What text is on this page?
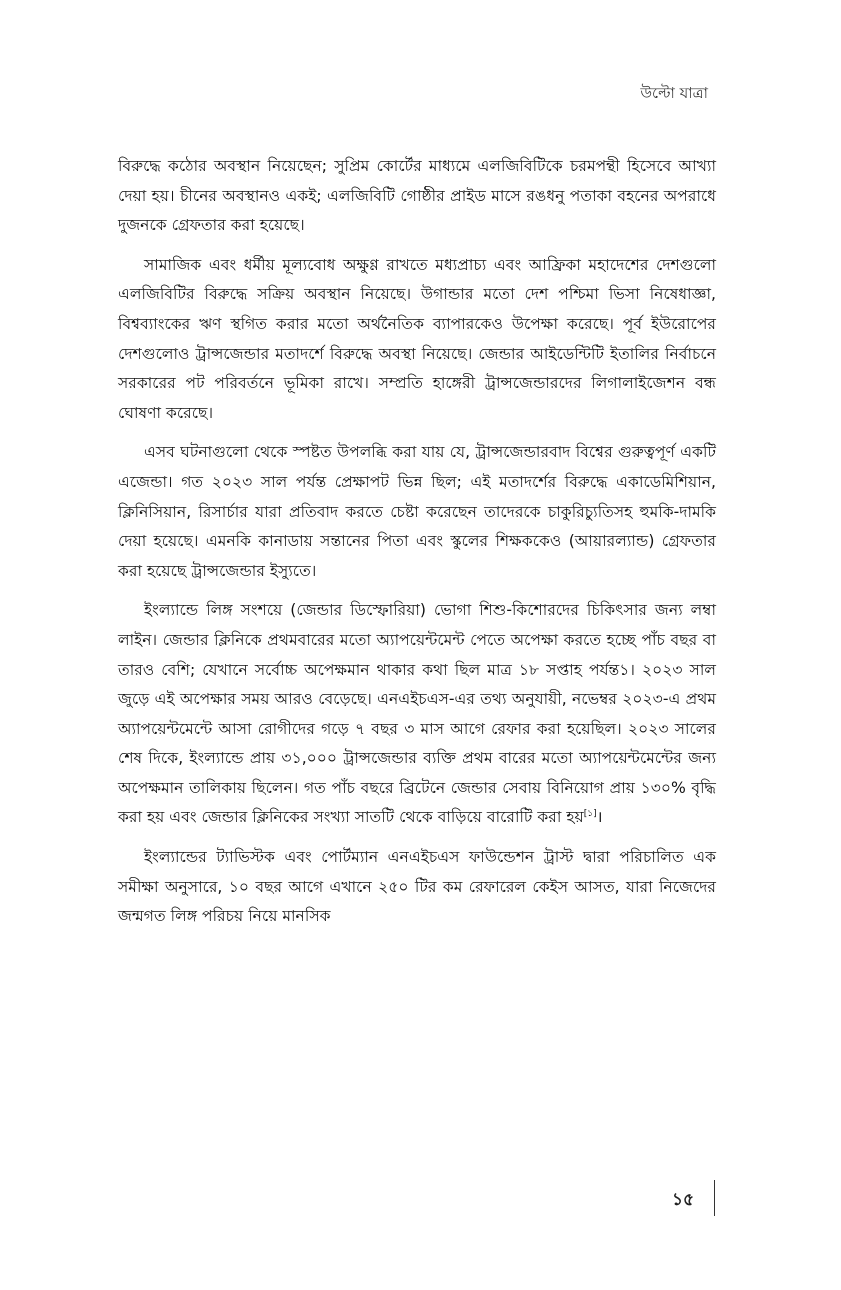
উল্টো যাত্রা

বিরুদ্ধে কঠোর অবস্থান নিয়েছেন; সুপ্রিম কোর্টের মাধ্যমে এলজিবিটিকে চরমপন্থী হিসেবে আখ্যা দেয়া হয়। চীনের অবস্থানও একই; এলজিবিটি গোষ্ঠীর প্রাইড মাসে রঙধনু পতাকা বহনের অপরাধে দুজনকে গ্রেফতার করা হয়েছে।

সামাজিক এবং ধর্মীয় মূল্যবোধ অক্ষুণ্ণ রাখতে মধ্যপ্রাচ্য এবং আফ্রিকা মহাদেশের দেশগুলো এলজিবিটির বিরুদ্ধে সক্রিয় অবস্থান নিয়েছে। উগান্ডার মতো দেশ পশ্চিমা ভিসা নিষেধাজ্ঞা, বিশ্বব্যাংকের ঋণ স্থগিত করার মতো অর্থনৈতিক ব্যাপারকেও উপেক্ষা করেছে। পূর্ব ইউরোপের দেশগুলোও ট্রান্সজেন্ডার মতাদর্শে বিরুদ্ধে অবস্থা নিয়েছে। জেন্ডার আইডেন্টিটি ইতালির নির্বাচনে সরকারের পট পরিবর্তনে ভূমিকা রাখে। সম্প্রতি হাঙ্গেরী ট্রান্সজেন্ডারদের লিগালাইজেশন বন্ধ ঘোষণা করেছে।

এসব ঘটনাগুলো থেকে স্পষ্টত উপলব্ধি করা যায় যে, ট্রান্সজেন্ডারবাদ বিশ্বের গুরুত্বপূর্ণ একটি এজেন্ডা। গত ২০২৩ সাল পর্যন্ত প্রেক্ষাপট ভিন্ন ছিল; এই মতাদর্শের বিরুদ্ধে একাডেমিশিয়ান, ক্লিনিসিয়ান, রিসার্চার যারা প্রতিবাদ করতে চেষ্টা করেছেন তাদেরকে চাকুরিচ্যুতিসহ হুমকি-দামকি দেয়া হয়েছে। এমনকি কানাডায় সন্তানের পিতা এবং স্কুলের শিক্ষককেও (আয়ারল্যান্ড) গ্রেফতার করা হয়েছে ট্রান্সজেন্ডার ইস্যুতে।

ইংল্যান্ডে লিঙ্গ সংশয়ে (জেন্ডার ডিস্ফোরিয়া) ভোগা শিশু-কিশোরদের চিকিৎসার জন্য লম্বা লাইন। জেন্ডার ক্লিনিকে প্রথমবারের মতো অ্যাপয়েন্টমেন্ট পেতে অপেক্ষা করতে হচ্ছে পাঁচ বছর বা তারও বেশি; যেখানে সর্বোচ্চ অপেক্ষমান থাকার কথা ছিল মাত্র ১৮ সপ্তাহ পর্যন্ত১। ২০২৩ সাল জুড়ে এই অপেক্ষার সময় আরও বেড়েছে। এনএইচএস-এর তথ্য অনুযায়ী, নভেম্বর ২০২৩-এ প্রথম অ্যাপয়েন্টমেন্টে আসা রোগীদের গড়ে ৭ বছর ৩ মাস আগে রেফার করা হয়েছিল। ২০২৩ সালের শেষ দিকে, ইংল্যান্ডে প্রায় ৩১,০০০ ট্রান্সজেন্ডার ব্যক্তি প্রথম বারের মতো অ্যাপয়েন্টমেন্টের জন্য অপেক্ষমান তালিকায় ছিলেন। গত পাঁচ বছরে ব্রিটেনে জেন্ডার সেবায় বিনিয়োগ প্রায় ১৩০% বৃদ্ধি করা হয় এবং জেন্ডার ক্লিনিকের সংখ্যা সাতটি থেকে বাড়িয়ে বারোটি করা হয়[১]।

ইংল্যান্ডের ট্যাভিস্টক এবং পোর্টম্যান এনএইচএস ফাউন্ডেশন ট্রাস্ট দ্বারা পরিচালিত এক সমীক্ষা অনুসারে, ১০ বছর আগে এখানে ২৫০ টির কম রেফারেল কেইস আসত, যারা নিজেদের জন্মগত লিঙ্গ পরিচয় নিয়ে মানসিক

১৫
